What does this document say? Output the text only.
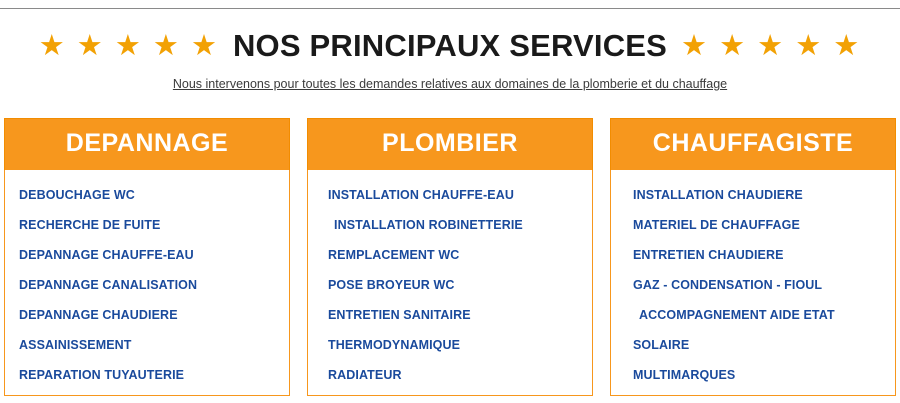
★ ★ ★ ★ ★ NOS PRINCIPAUX SERVICES ★ ★ ★ ★ ★
Nous intervenons pour toutes les demandes relatives aux domaines de la plomberie et du chauffage
DEPANNAGE
DEBOUCHAGE WC
RECHERCHE DE FUITE
DEPANNAGE CHAUFFE-EAU
DEPANNAGE CANALISATION
DEPANNAGE CHAUDIERE
ASSAINISSEMENT
REPARATION TUYAUTERIE
PLOMBIER
INSTALLATION CHAUFFE-EAU
INSTALLATION ROBINETTERIE
REMPLACEMENT WC
POSE BROYEUR WC
ENTRETIEN SANITAIRE
THERMODYNAMIQUE
RADIATEUR
CHAUFFAGISTE
INSTALLATION CHAUDIERE
MATERIEL DE CHAUFFAGE
ENTRETIEN CHAUDIERE
GAZ - CONDENSATION - FIOUL
ACCOMPAGNEMENT AIDE ETAT
SOLAIRE
MULTIMARQUES
